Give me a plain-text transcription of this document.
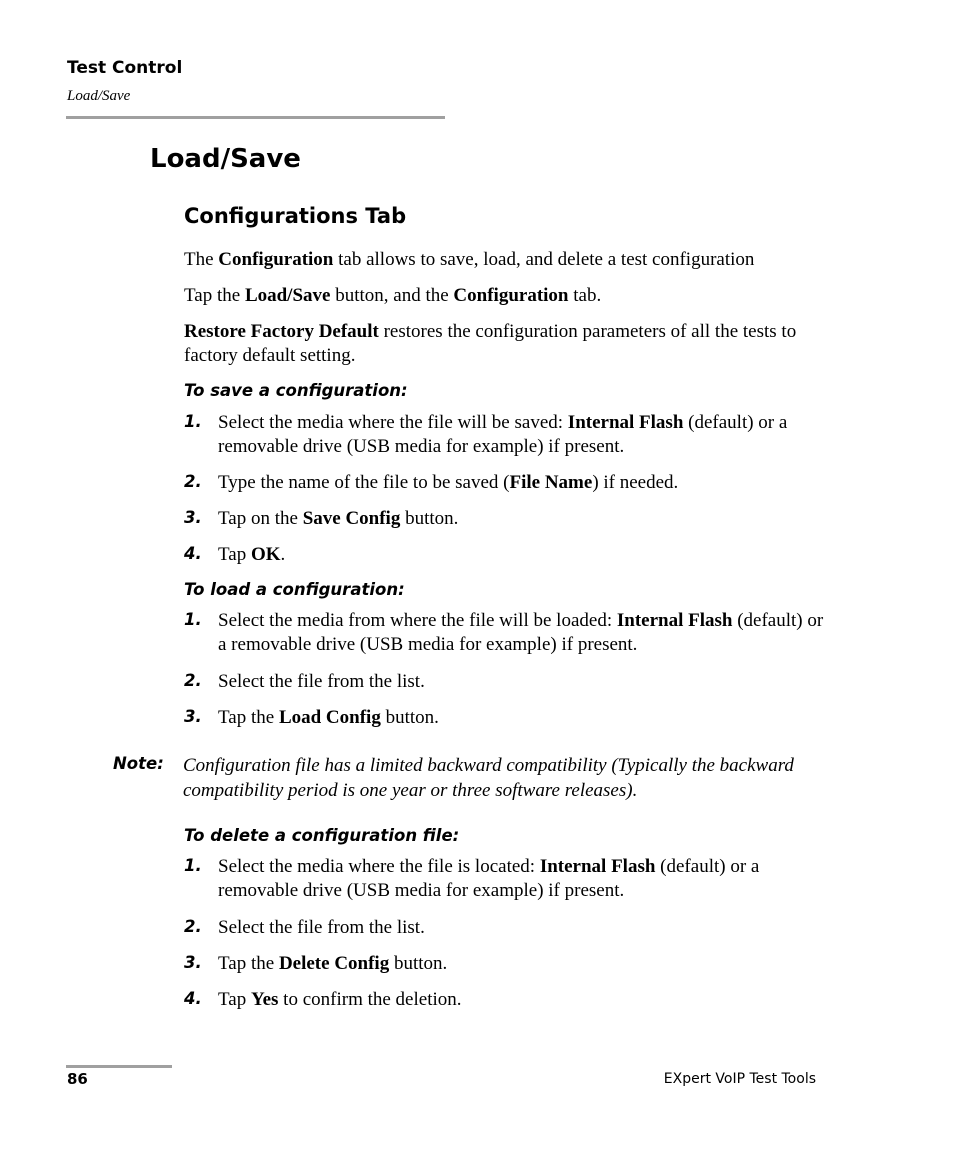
Test Control
Load/Save
Load/Save
Configurations Tab
The Configuration tab allows to save, load, and delete a test configuration
Tap the Load/Save button, and the Configuration tab.
Restore Factory Default restores the configuration parameters of all the tests to factory default setting.
To save a configuration:
1. Select the media where the file will be saved: Internal Flash (default) or a removable drive (USB media for example) if present.
2. Type the name of the file to be saved (File Name) if needed.
3. Tap on the Save Config button.
4. Tap OK.
To load a configuration:
1. Select the media from where the file will be loaded: Internal Flash (default) or a removable drive (USB media for example) if present.
2. Select the file from the list.
3. Tap the Load Config button.
Note: Configuration file has a limited backward compatibility (Typically the backward compatibility period is one year or three software releases).
To delete a configuration file:
1. Select the media where the file is located: Internal Flash (default) or a removable drive (USB media for example) if present.
2. Select the file from the list.
3. Tap the Delete Config button.
4. Tap Yes to confirm the deletion.
86	EXpert VoIP Test Tools
